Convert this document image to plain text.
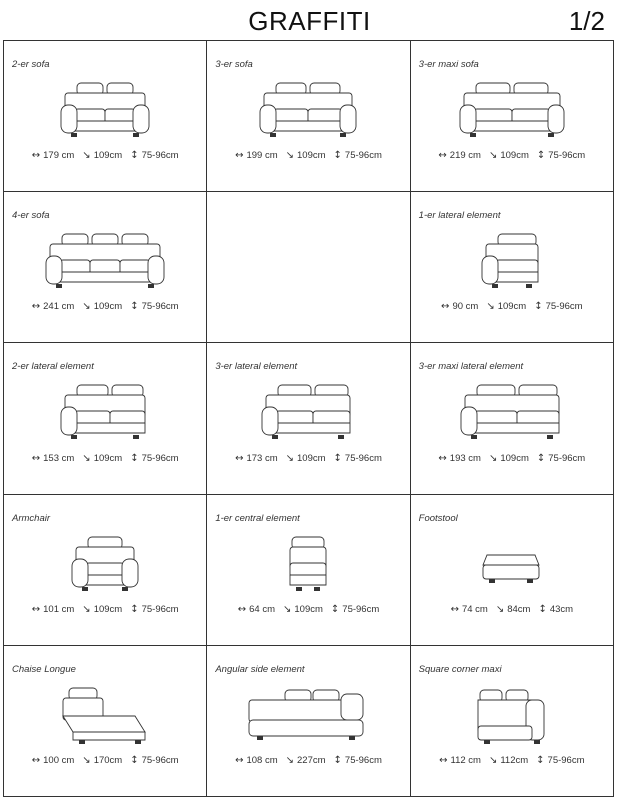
GRAFFITI	1/2
2-er sofa
↔ 179 cm ↘ 109cm ↕ 75-96cm
3-er sofa
↔ 199 cm ↘ 109cm ↕ 75-96cm
3-er maxi sofa
↔ 219 cm ↘ 109cm ↕ 75-96cm
4-er sofa
↔ 241 cm ↘ 109cm ↕ 75-96cm
1-er lateral element
↔ 90 cm ↘ 109cm ↕ 75-96cm
2-er lateral element
↔ 153 cm ↘ 109cm ↕ 75-96cm
3-er lateral element
↔ 173 cm ↘ 109cm ↕ 75-96cm
3-er maxi lateral element
↔ 193 cm ↘ 109cm ↕ 75-96cm
Armchair
↔ 101 cm ↘ 109cm ↕ 75-96cm
1-er central element
↔ 64 cm ↘ 109cm ↕ 75-96cm
Footstool
↔ 74 cm ↘ 84cm ↕ 43cm
Chaise Longue
↔ 100 cm ↘ 170cm ↕ 75-96cm
Angular side element
↔ 108 cm ↘ 227cm ↕ 75-96cm
Square corner maxi
↔ 112 cm ↘ 112cm ↕ 75-96cm
